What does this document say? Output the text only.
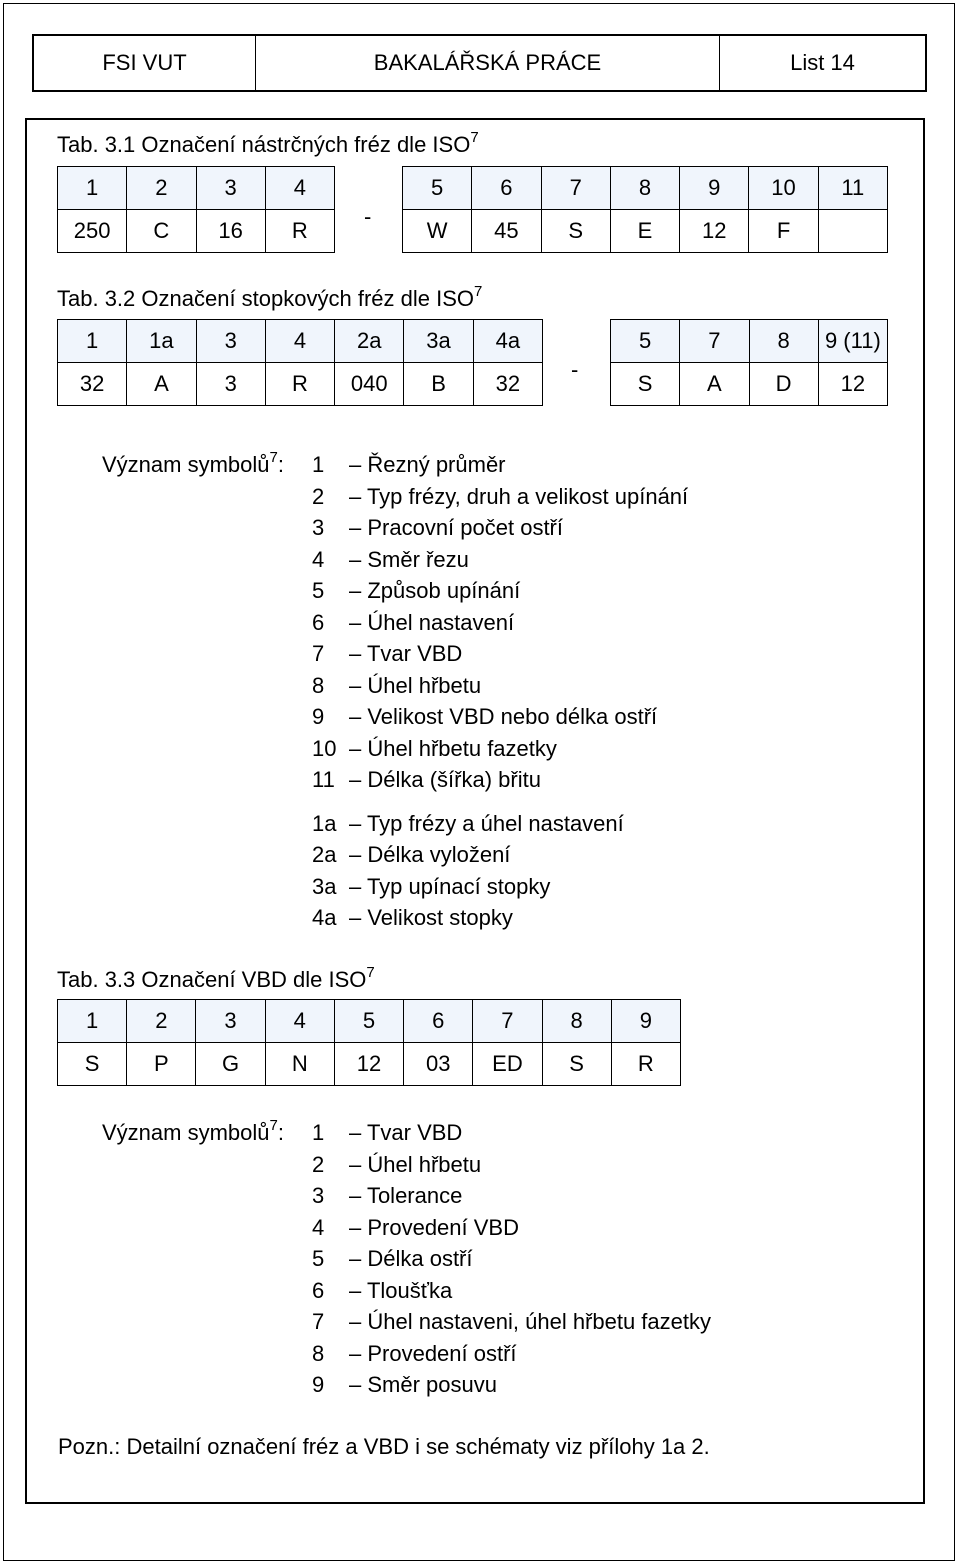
FSI VUT	BAKALÁŘSKÁ PRÁCE	List 14
Tab. 3.1 Označení nástrčných fréz dle ISO$^7$
1	2	3	4
250	C	16	R
-
5	6	7	8	9	10	11
W	45	S	E	12	F	
Tab. 3.2 Označení stopkových fréz dle ISO$^7$
1	1a	3	4	2a	3a	4a
32	A	3	R	040	B	32
-
5	7	8	9 (11)
S	A	D	12
Význam symbolů$^7$: 1 – Řezný průměr
2 – Typ frézy, druh a velikost upínání
3 – Pracovní počet ostří
4 – Směr řezu
5 – Způsob upínání
6 – Úhel nastavení
7 – Tvar VBD
8 – Úhel hřbetu
9 – Velikost VBD nebo délka ostří
10 – Úhel hřbetu fazetky
11 – Délka (šířka) břitu
1a – Typ frézy a úhel nastavení
2a – Délka vyložení
3a – Typ upínací stopky
4a – Velikost stopky
Tab. 3.3 Označení VBD dle ISO$^7$
1	2	3	4	5	6	7	8	9
S	P	G	N	12	03	ED	S	R
Význam symbolů$^7$: 1 – Tvar VBD
2 – Úhel hřbetu
3 – Tolerance
4 – Provedení VBD
5 – Délka ostří
6 – Tloušťka
7 – Úhel nastaveni, úhel hřbetu fazetky
8 – Provedení ostří
9 – Směr posuvu
Pozn.: Detailní označení fréz a VBD i se schématy viz přílohy 1a 2.
